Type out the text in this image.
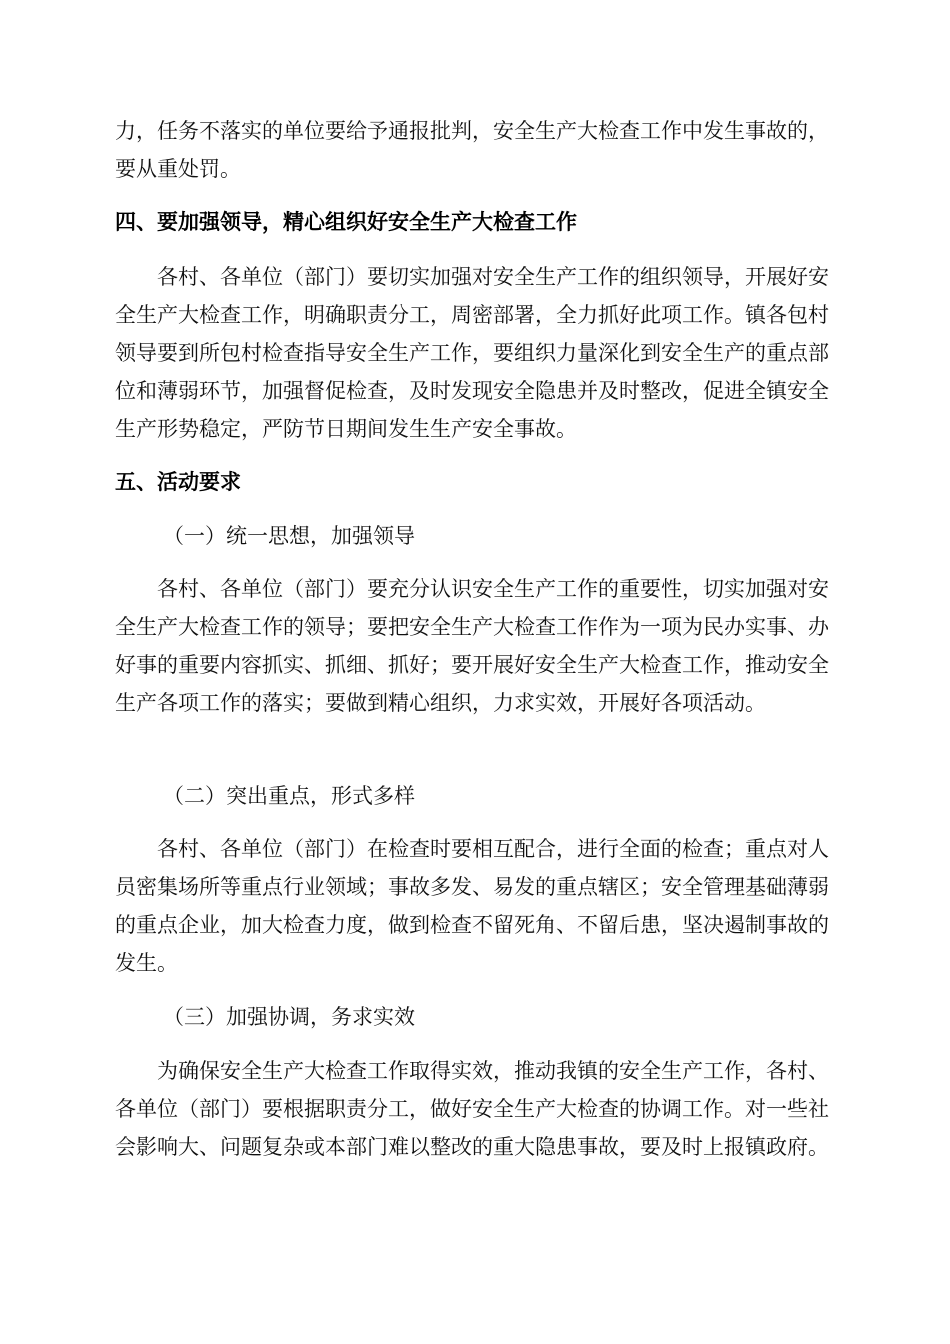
力，任务不落实的单位要给予通报批判，安全生产大检查工作中发生事故的，要从重处罚。
四、要加强领导，精心组织好安全生产大检查工作
各村、各单位（部门）要切实加强对安全生产工作的组织领导，开展好安全生产大检查工作，明确职责分工，周密部署，全力抓好此项工作。镇各包村领导要到所包村检查指导安全生产工作，要组织力量深化到安全生产的重点部位和薄弱环节，加强督促检查，及时发现安全隐患并及时整改，促进全镇安全生产形势稳定，严防节日期间发生生产安全事故。
五、活动要求
（一）统一思想，加强领导
各村、各单位（部门）要充分认识安全生产工作的重要性，切实加强对安全生产大检查工作的领导；要把安全生产大检查工作作为一项为民办实事、办好事的重要内容抓实、抓细、抓好；要开展好安全生产大检查工作，推动安全生产各项工作的落实；要做到精心组织，力求实效，开展好各项活动。
（二）突出重点，形式多样
各村、各单位（部门）在检查时要相互配合，进行全面的检查；重点对人员密集场所等重点行业领域；事故多发、易发的重点辖区；安全管理基础薄弱的重点企业，加大检查力度，做到检查不留死角、不留后患，坚决遏制事故的发生。
（三）加强协调，务求实效
为确保安全生产大检查工作取得实效，推动我镇的安全生产工作，各村、各单位（部门）要根据职责分工，做好安全生产大检查的协调工作。对一些社会影响大、问题复杂或本部门难以整改的重大隐患事故，要及时上报镇政府。
